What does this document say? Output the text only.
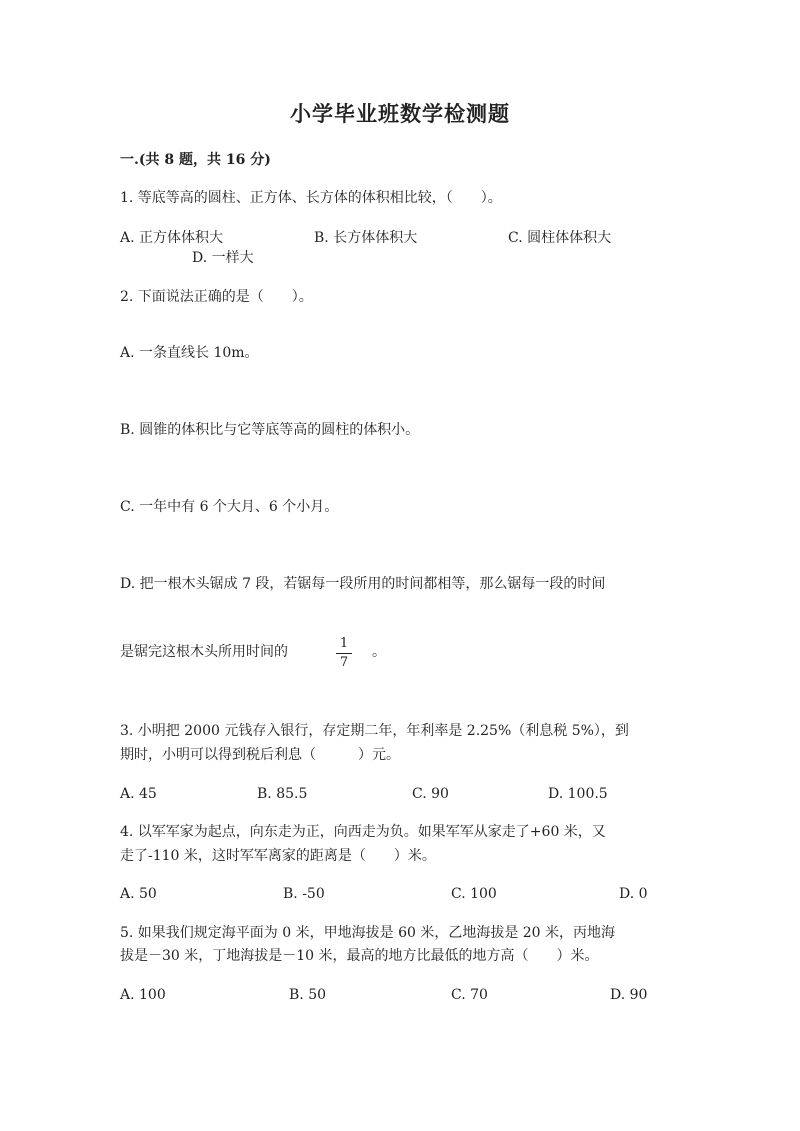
小学毕业班数学检测题
一.(共 8 题，共 16 分)
1. 等底等高的圆柱、正方体、长方体的体积相比较，（　　）。
A. 正方体体积大	B. 长方体体积大	C. 圆柱体体积大
D. 一样大
2. 下面说法正确的是（　　）。
A. 一条直线长 10m。
B. 圆锥的体积比与它等底等高的圆柱的体积小。
C. 一年中有 6 个大月、6 个小月。
D. 把一根木头锯成 7 段，若锯每一段所用的时间都相等，那么锯每一段的时间
是锯完这根木头所用时间的
1
7
。
3. 小明把 2000 元钱存入银行，存定期二年，年利率是 2.25%（利息税 5%），到
期时，小明可以得到税后利息（　　　）元。
A. 45	B. 85.5	C. 90	D. 100.5
4. 以军军家为起点，向东走为正，向西走为负。如果军军从家走了+60 米，又
走了-110 米，这时军军离家的距离是（　　）米。
A. 50	B. -50	C. 100	D. 0
5. 如果我们规定海平面为 0 米，甲地海拔是 60 米，乙地海拔是 20 米，丙地海
拔是－30 米，丁地海拔是－10 米，最高的地方比最低的地方高（　　）米。
A. 100	B. 50	C. 70	D. 90
